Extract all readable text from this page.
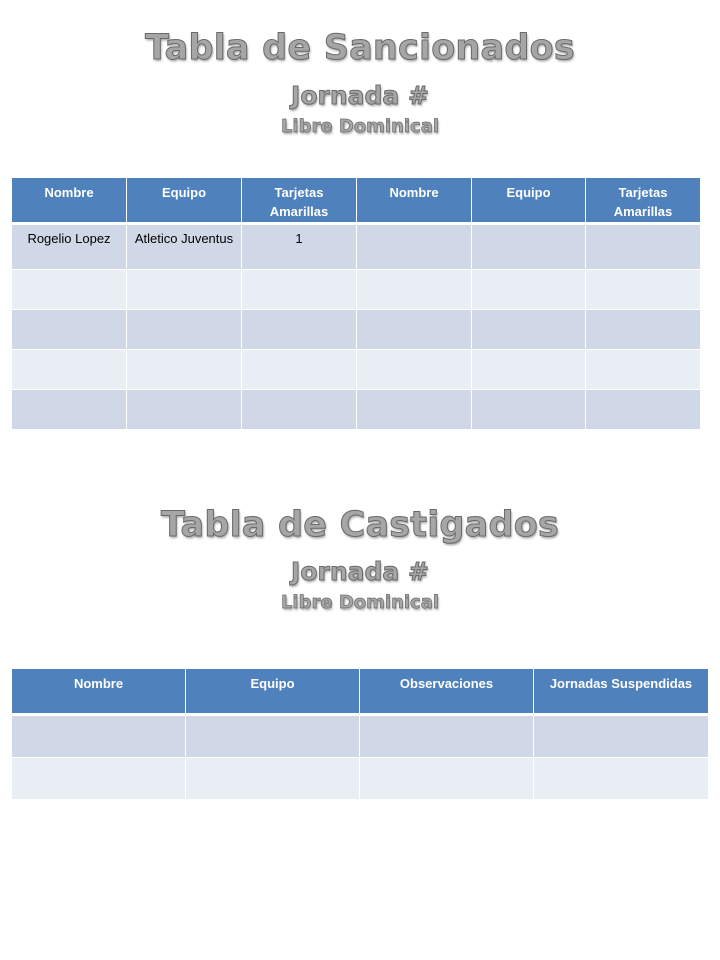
Tabla de Sancionados
Jornada #
Libre Dominical
Nombre	Equipo	Tarjetas Amarillas	Nombre	Equipo	Tarjetas Amarillas
Rogelio Lopez	Atletico Juventus	1			

Tabla de Castigados
Jornada #
Libre Dominical
Nombre	Equipo	Observaciones	Jornadas Suspendidas
